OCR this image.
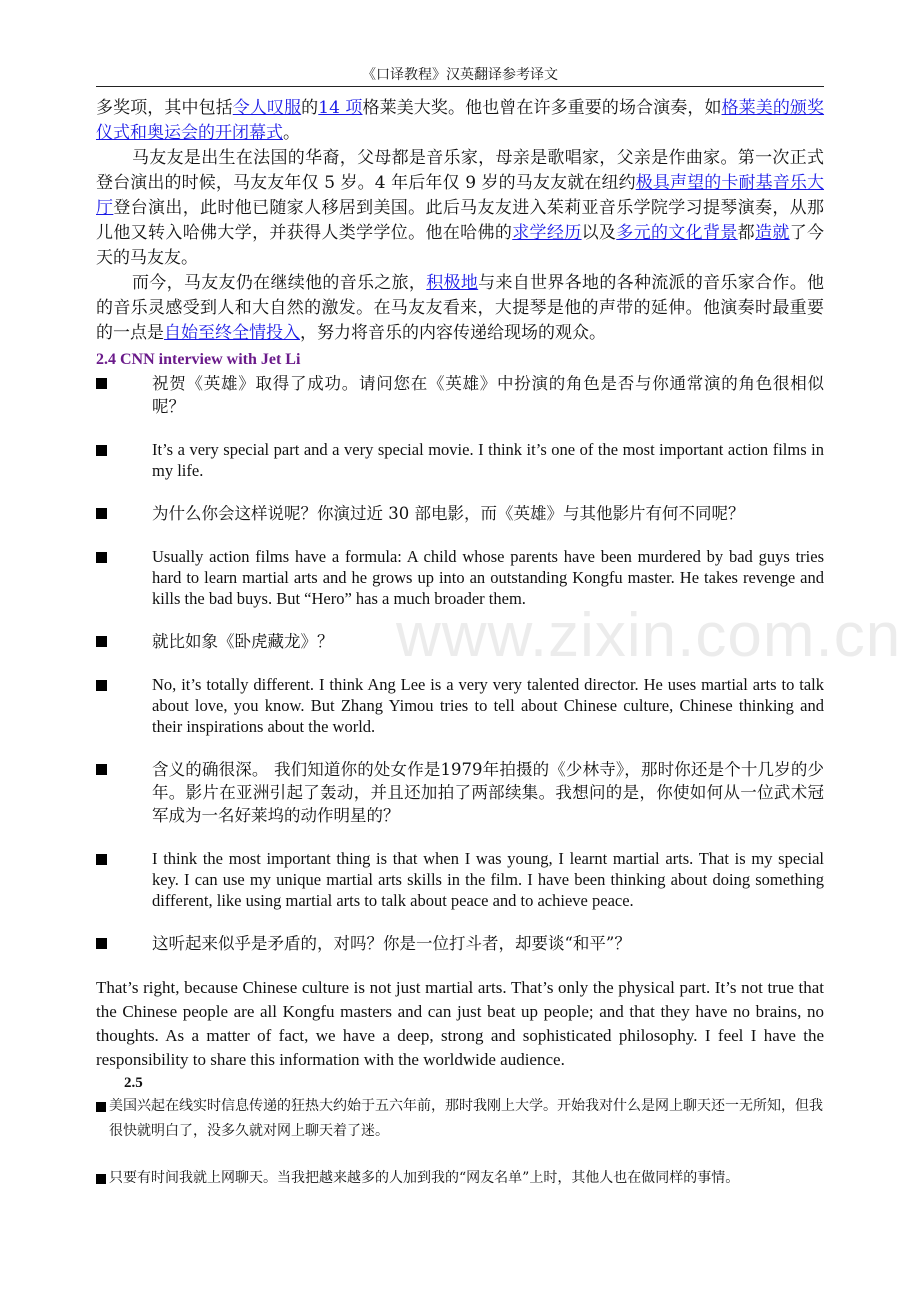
《口译教程》汉英翻译参考译文
www.zixin.com.cn

多奖项，其中包括令人叹服的14 项格莱美大奖。他也曾在许多重要的场合演奏，如格莱美的颁奖仪式和奥运会的开闭幕式。

马友友是出生在法国的华裔，父母都是音乐家，母亲是歌唱家，父亲是作曲家。第一次正式登台演出的时候，马友友年仅 5 岁。4 年后年仅 9 岁的马友友就在纽约极具声望的卡耐基音乐大厅登台演出，此时他已随家人移居到美国。此后马友友进入茱莉亚音乐学院学习提琴演奏，从那儿他又转入哈佛大学，并获得人类学学位。他在哈佛的求学经历以及多元的文化背景都造就了今天的马友友。

而今，马友友仍在继续他的音乐之旅，积极地与来自世界各地的各种流派的音乐家合作。他的音乐灵感受到人和大自然的激发。在马友友看来，大提琴是他的声带的延伸。他演奏时最重要的一点是自始至终全情投入，努力将音乐的内容传递给现场的观众。

2.4 CNN interview with Jet Li

祝贺《英雄》取得了成功。请问您在《英雄》中扮演的角色是否与你通常演的角色很相似呢？
It’s a very special part and a very special movie. I think it’s one of the most important action films in my life.
为什么你会这样说呢？你演过近 30 部电影，而《英雄》与其他影片有何不同呢？
Usually action films have a formula: A child whose parents have been murdered by bad guys tries hard to learn martial arts and he grows up into an outstanding Kongfu master. He takes revenge and kills the bad buys. But “Hero” has a much broader them.
就比如象《卧虎藏龙》？
No, it’s totally different. I think Ang Lee is a very very talented director. He uses martial arts to talk about love, you know. But Zhang Yimou tries to tell about Chinese culture, Chinese thinking and their inspirations about the world.
含义的确很深。 我们知道你的处女作是1979年拍摄的《少林寺》，那时你还是个十几岁的少年。影片在亚洲引起了轰动，并且还加拍了两部续集。我想问的是，你使如何从一位武术冠军成为一名好莱坞的动作明星的？
I think the most important thing is that when I was young, I learnt martial arts. That is my special key. I can use my unique martial arts skills in the film. I have been thinking about doing something different, like using martial arts to talk about peace and to achieve peace.
这听起来似乎是矛盾的，对吗？你是一位打斗者，却要谈“和平”？

That’s right, because Chinese culture is not just martial arts. That’s only the physical part. It’s not true that the Chinese people are all Kongfu masters and can just beat up people; and that they have no brains, no thoughts. As a matter of fact, we have a deep, strong and sophisticated philosophy. I feel I have the responsibility to share this information with the worldwide audience.

2.5

美国兴起在线实时信息传递的狂热大约始于五六年前，那时我刚上大学。开始我对什么是网上聊天还一无所知，但我很快就明白了，没多久就对网上聊天着了迷。

只要有时间我就上网聊天。当我把越来越多的人加到我的“网友名单”上时，其他人也在做同样的事情。
